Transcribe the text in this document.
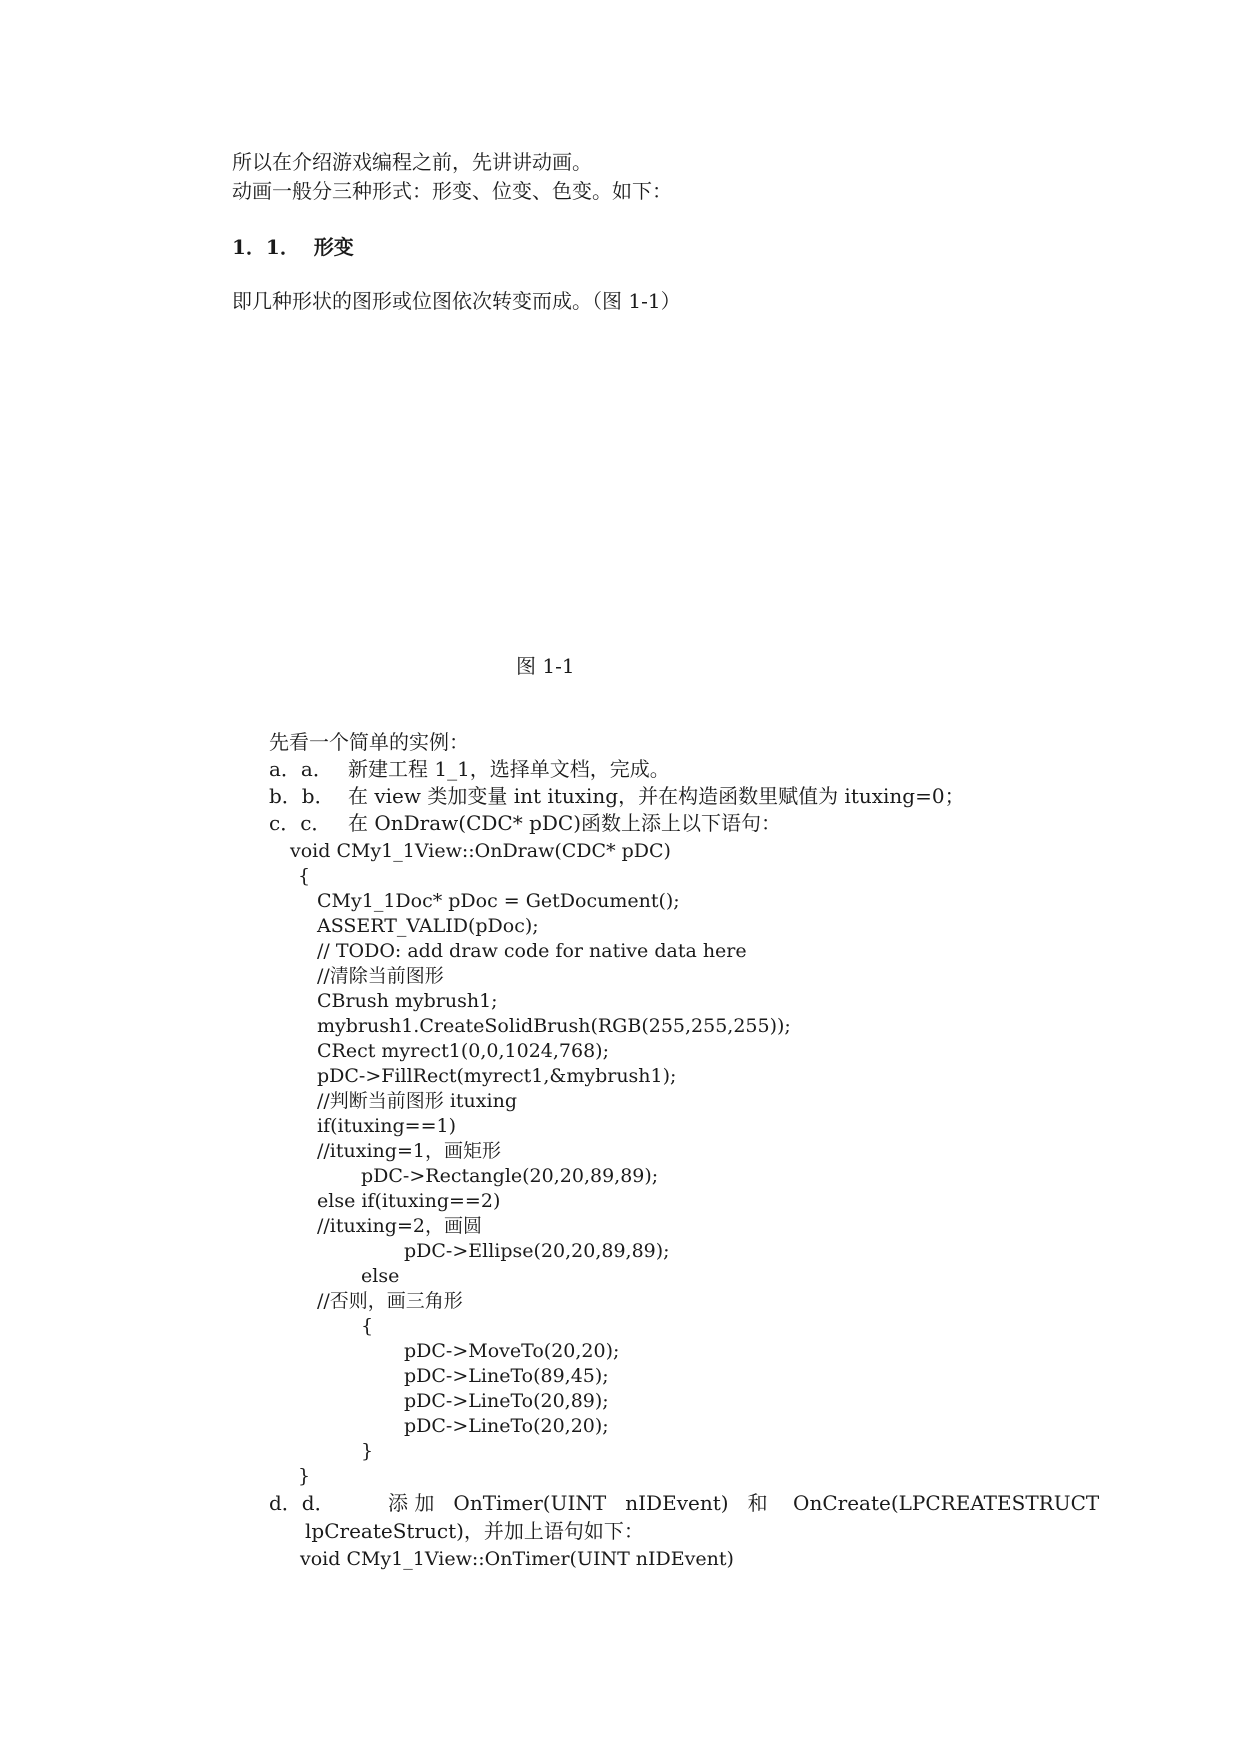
所以在介绍游戏编程之前，先讲讲动画。

动画一般分三种形式：形变、位变、色变。如下：

1．1．  形变

即几种形状的图形或位图依次转变而成。（图 1-1）

图 1-1

先看一个简单的实例：

a．a． 新建工程 1_1，选择单文档，完成。

b．b． 在 view 类加变量 int ituxing，并在构造函数里赋值为 ituxing=0；

c．c． 在 OnDraw(CDC* pDC)函数上添上以下语句：

void CMy1_1View::OnDraw(CDC* pDC)

{

CMy1_1Doc* pDoc = GetDocument();

ASSERT_VALID(pDoc);

// TODO: add draw code for native data here

//清除当前图形

CBrush mybrush1;

mybrush1.CreateSolidBrush(RGB(255,255,255));

CRect myrect1(0,0,1024,768);

pDC->FillRect(myrect1,&mybrush1);

//判断当前图形 ituxing

if(ituxing==1)

//ituxing=1，画矩形

pDC->Rectangle(20,20,89,89);

else if(ituxing==2)

//ituxing=2，画圆

pDC->Ellipse(20,20,89,89);

else

//否则，画三角形

{

pDC->MoveTo(20,20);

pDC->LineTo(89,45);

pDC->LineTo(20,89);

pDC->LineTo(20,20);

}

}

d．d．	添 加   OnTimer(UINT   nIDEvent)   和    OnCreate(LPCREATESTRUCT

lpCreateStruct)，并加上语句如下：

void CMy1_1View::OnTimer(UINT nIDEvent)
